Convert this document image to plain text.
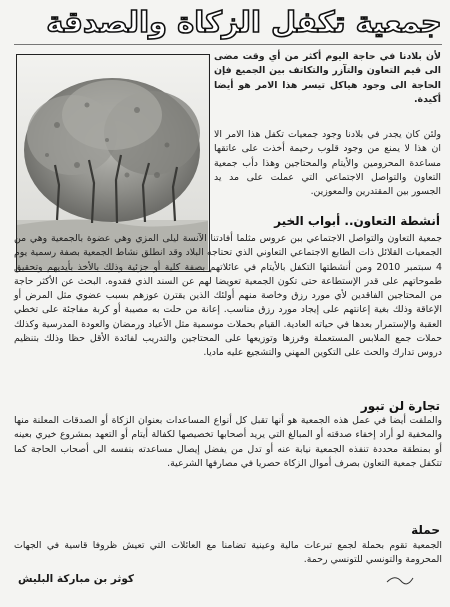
جمعية تكفل الزكاة والصدقة

لأن بلادنا في حاجة اليوم أكثر من أي وقت مضى الى قيم التعاون والتآزر والتكاتف بين الجميع فإن الحاجة الى وجود هياكل تيسر هذا الامر هو أيضا أكيدة.

ولئن كان يجدر في بلادنا وجود جمعيات تكفل هذا الامر الا ان هذا لا يمنع من وجود قلوب رحيمة أخذت على عاتقها مساعدة المحرومين والأيتام والمحتاجين وهذا دأب جمعية التعاون والتواصل الاجتماعي التي عملت على مد يد الجسور بين المقتدرين والمعوزين.

أنشطة التعاون.. أبواب الخير

جمعية التعاون والتواصل الاجتماعي ببن عروس مثلما أفادتنا الآنسة ليلى المزي وهي عضوة بالجمعية وهي من الجمعيات القلائل ذات الطابع الاجتماعي التعاوني الذي تحتاجه البلاد وقد انطلق نشاط الجمعية بصفة رسمية يوم 4 سبتمبر 2010 ومن أنشطتها التكفل بالأيتام في عائلاتهم بصفة كلية أو جزئية وذلك بالأخذ بأيديهم وتحقيق طموحاتهم على قدر الإستطاعة حتى تكون الجمعية تعويضا لهم عن السند الذي فقدوه. البحث عن الأكثر حاجة من المحتاجين الفاقدين لأي مورد رزق وخاصة منهم أولئك الذين يقترن عوزهم بسبب عضوي مثل المرض أو الإعاقة وذلك بغية إعانتهم على إيجاد مورد رزق مناسب. إعانة من حلت به مصيبة أو كربة مفاجئة على تخطي العقبة والإستمرار بعدها في حياته العادية. القيام بحملات موسمية مثل الأعياد ورمضان والعودة المدرسية وكذلك حملات جمع الملابس المستعملة وفرزها وتوزيعها على المحتاجين والتدريب لفائدة الأقل حظا وذلك بتنظيم دروس تدارك والحث على التكوين المهني والتشجيع عليه ماديا.

تجارة لن تبور

والملفت أيضا في عمل هذه الجمعية هو أنها تقبل كل أنواع المساعدات بعنوان الزكاة أو الصدقات المعلنة منها والمخفية لو أراد إخفاء صدقته أو المبالغ التي يريد أصحابها تخصيصها لكفالة أيتام أو التعهد بمشروع خيري بعينه أو بمنطقة محددة تنفذه الجمعية نيابة عنه أو تدل من يفضل إيصال مساعدته بنفسه الى أصحاب الحاجة كما تتكفل جمعية التعاون بصرف أموال الزكاة حصريا في مصارفها الشرعية.

حملة

الجمعية تقوم بحملة لجمع تبرعات مالية وعينية تضامنا مع العائلات التي تعيش ظروفا قاسية في الجهات المحرومة والتونسي للتونسي رحمة.

كوثر بن مباركة البليش
